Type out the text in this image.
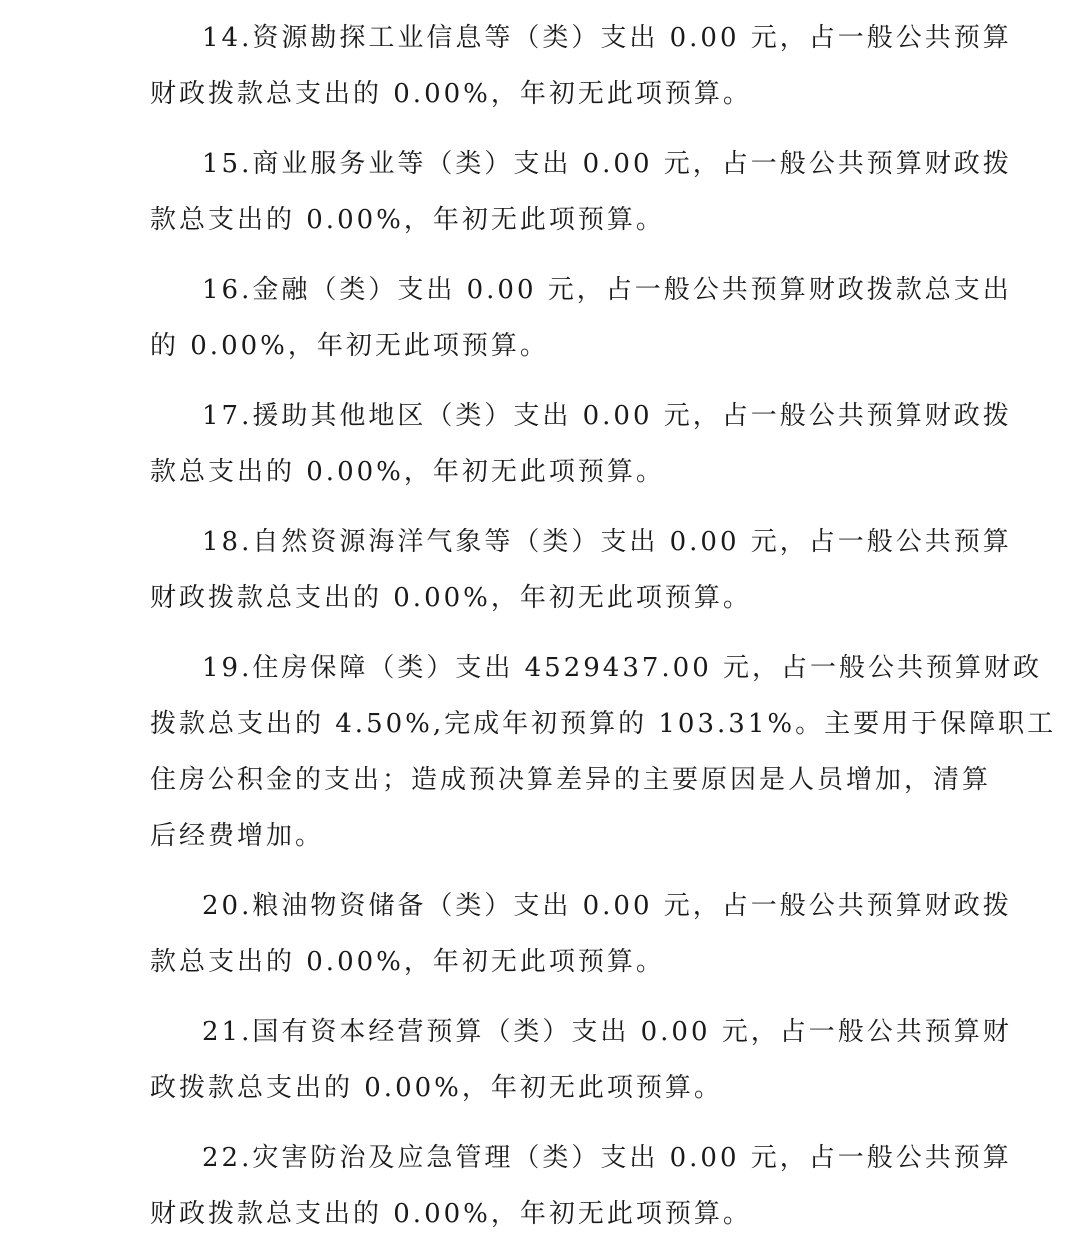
14.资源勘探工业信息等（类）支出 0.00 元，占一般公共预算
财政拨款总支出的 0.00%，年初无此项预算。
15.商业服务业等（类）支出 0.00 元，占一般公共预算财政拨
款总支出的 0.00%，年初无此项预算。
16.金融（类）支出 0.00 元，占一般公共预算财政拨款总支出
的 0.00%，年初无此项预算。
17.援助其他地区（类）支出 0.00 元，占一般公共预算财政拨
款总支出的 0.00%，年初无此项预算。
18.自然资源海洋气象等（类）支出 0.00 元，占一般公共预算
财政拨款总支出的 0.00%，年初无此项预算。
19.住房保障（类）支出 4529437.00 元，占一般公共预算财政
拨款总支出的 4.50%,完成年初预算的 103.31%。主要用于保障职工
住房公积金的支出；造成预决算差异的主要原因是人员增加，清算
后经费增加。
20.粮油物资储备（类）支出 0.00 元，占一般公共预算财政拨
款总支出的 0.00%，年初无此项预算。
21.国有资本经营预算（类）支出 0.00 元，占一般公共预算财
政拨款总支出的 0.00%，年初无此项预算。
22.灾害防治及应急管理（类）支出 0.00 元，占一般公共预算
财政拨款总支出的 0.00%，年初无此项预算。
